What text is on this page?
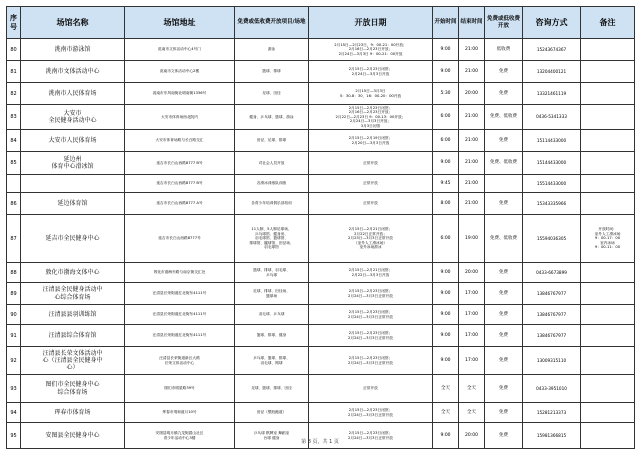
序号	场馆名称	场馆地址	免费或低收费开放项目/场地	开放日期	开始时间	结束时间	免费或低收费开放	咨询方式	备注
80	洮南市游泳馆	洮南市文体活动中心4号门	游泳	2月15日—2月23日，9：00-21：00开放；
2月16日—2月23日开放；
2月24日—3月3日 9：00-21：00开放	9:00	21:00	低收费	15243674367	
81	洮南市文体活动中心	洮南市文体活动中心2楼	篮球、排球	2月15日—2月23日闭馆；
2月24日—3月3日开放	9:00	21:00	免费	13204400121	
82	洮南市人民体育场	洮南市东风南街北明南街1336号	足球、田径	2月15日—3月3日
5：30-8：30，16：00-20：00开放	5:30	20:00	免费	13321461119	
83	大安市
全民健身活动中心	大安市体育场西北院内	健身、乒乓球、篮球、游泳	2月15日—2月23日闭馆；
2月16日—2月23日开放；
2月22日—2月23日 9：00-13：00开放；
2月24日—3月3日开放；
3月3日闭馆	6:00	21:00	免费、低收费	0436-5341333	
84	大安市人民体育场	大安市体育场路与长白路交汇	田径、足球、排球	2月15日—2月19日闭馆；
2月20日—3月3日开放	6:00	21:00	免费	15114433000	
85	延边州
体育中心滑冰馆	延吉市长白山西路8777 B号	对社会人员开放	正常开放	9:00	21:00	免费、低收费	15144433000	
		延吉市长白山西路8777 B号	各滑冰训练队训练	正常开放	9:45	21:00		15514433000	
86	延边体育馆	延吉市长白山西路8777 A号	各青少年培训俱乐部培训	正常开放	8:00	21:00	免费	15343335966	
87	延吉市全民健身中心	延吉市长白山西路8777号	11人制、5人制足球场、
乒乓球馆、健身房、
羽毛球馆、篮球馆、
排球馆、毽球馆、田径场、
羽毛球馆	2月15日—2月21日闭馆；
2月22日正常开放；
2月23日—3月3日正常开放
（室外人工滑冰场）
室外冰场滑冰	6:00	19:00	免费、低收费	15594036305	开放时间：
室外人工滑冰场
9：00-17：00
室内冰场
9：00-11：00
88	敦化市渤海文体中心	敦化市渤海东路与南京街交汇处	篮球、排球、羽毛球、
乒乓球	2月15日—2月21日闭馆；
2月22日—3月3日开放	9:00	20:00	免费	0433-6673899	
89	汪清县全民健身活动中
心综合体育场	汪清县长荣街道红北街东4111号	足球、排球、田径场、
篮球场	2月15日—2月23日闭馆；
2月24日—3月3日正常开放	9:00	17:00	免费	13846767977	
90	汪清县县羽训练馆	汪清县长荣街道红北街东4111号	羽毛球、乒乓球	2月15日—2月23日闭馆；
2月24日—3月3日正常开放	9:00	17:00	免费	13846767977	
91	汪清县综合体育馆	汪清县长荣街道红北街东4111号	篮球、排球、健身	2月15日—2月23日闭馆；
2月24日—3月3日正常开放	9:00	17:00	免费	13846767977	
92	汪清县长荣文体活动中
心（汪清县全民健身中
心）	汪清县长荣街道新区大路
长荣文体活动中心	乒乓球、篮球、排球、
羽毛球、网球	2月15日—2月23日闭馆；
2月24日—3月3日正常开放	9:00	17:00	免费	13009315110	
93	图们市全民健身中心
综合体育场	图们市明星路39号	足球、篮球、排球、田径	正常开放	全天	全天	免费	0433-3951010	
94	珲春市体育场	珲春市靖和道月10号	田径（塑胶跑道）	2月15日—2月23日闭馆；
2月24日—3月3日正常开放	全天	全天	免费	15281213373	
95	安图县全民健身中心	安图县明月镇九龙街碧山社区
青少年活动中心3楼	乒乓球 棋牌室 舞蹈室
台球 健身	2月15日—2月23日闭馆；
2月24日—3月3日正常开放	9:00	20:00	免费	15981366815	
第 8 页，共 1 页
